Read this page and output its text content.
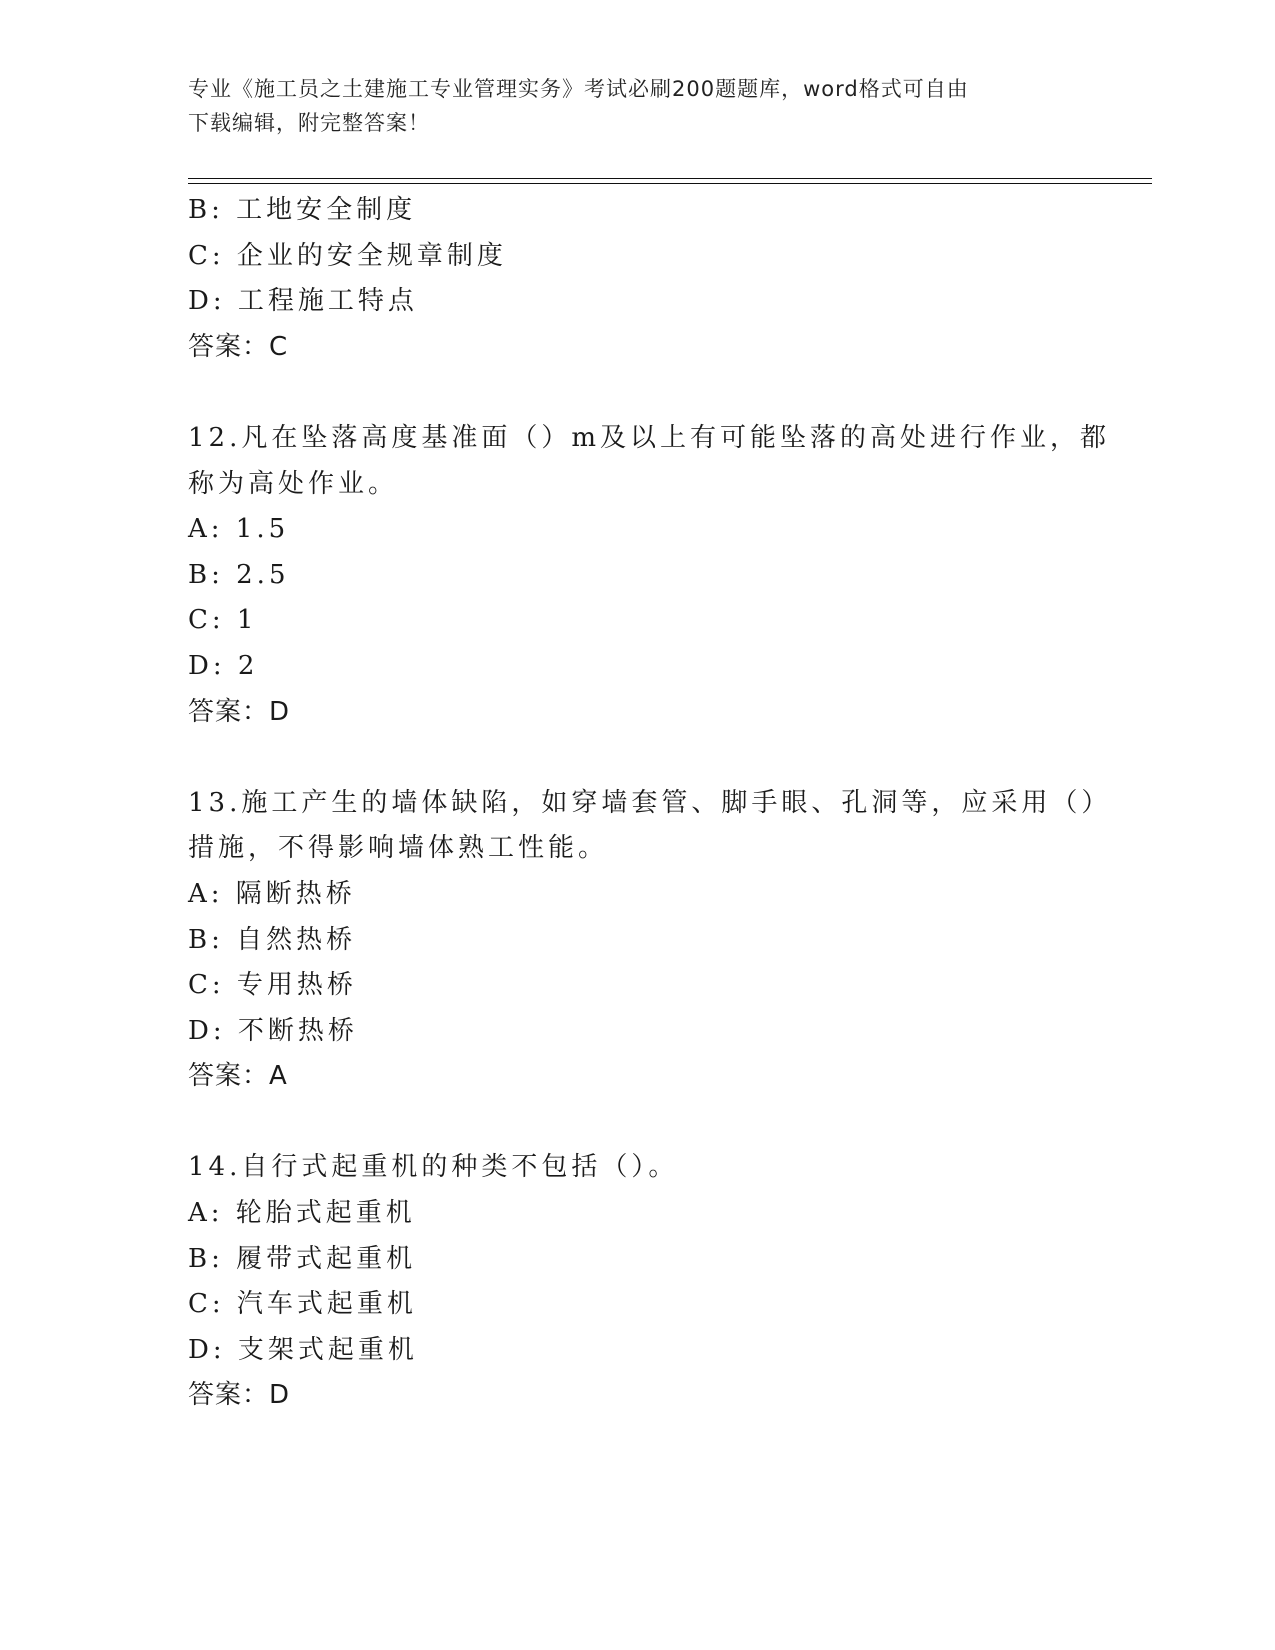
专业《施工员之土建施工专业管理实务》考试必刷200题题库，word格式可自由
下载编辑，附完整答案！
B: 工地安全制度
C: 企业的安全规章制度
D: 工程施工特点
答案：C
12.凡在坠落高度基准面（）m及以上有可能坠落的高处进行作业，都
称为高处作业。
A: 1.5
B: 2.5
C: 1
D: 2
答案：D
13.施工产生的墙体缺陷，如穿墙套管、脚手眼、孔洞等，应采用（）
措施，不得影响墙体熟工性能。
A: 隔断热桥
B: 自然热桥
C: 专用热桥
D: 不断热桥
答案：A
14.自行式起重机的种类不包括（）。
A: 轮胎式起重机
B: 履带式起重机
C: 汽车式起重机
D: 支架式起重机
答案：D
